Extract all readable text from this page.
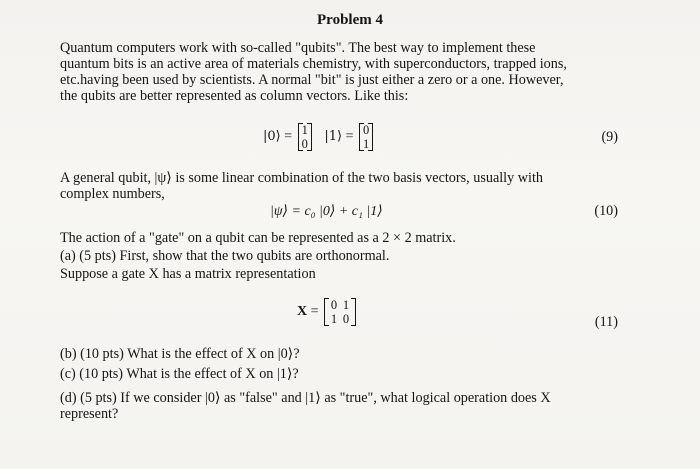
Problem 4
Quantum computers work with so-called "qubits". The best way to implement these
quantum bits is an active area of materials chemistry, with superconductors, trapped ions,
etc.having been used by scientists. A normal "bit" is just either a zero or a one. However,
the qubits are better represented as column vectors. Like this:
|0⟩ = 1
0 |1⟩ = 0
1	(9)
A general qubit, |ψ⟩ is some linear combination of the two basis vectors, usually with
complex numbers,
|ψ⟩ = c₀ |0⟩ + c₁ |1⟩	(10)
The action of a "gate" on a qubit can be represented as a 2 × 2 matrix.
(a) (5 pts) First, show that the two qubits are orthonormal.
Suppose a gate X has a matrix representation
X = 0 1
1 0	(11)
(b) (10 pts) What is the effect of X on |0⟩?
(c) (10 pts) What is the effect of X on |1⟩?
(d) (5 pts) If we consider |0⟩ as "false" and |1⟩ as "true", what logical operation does X
represent?
